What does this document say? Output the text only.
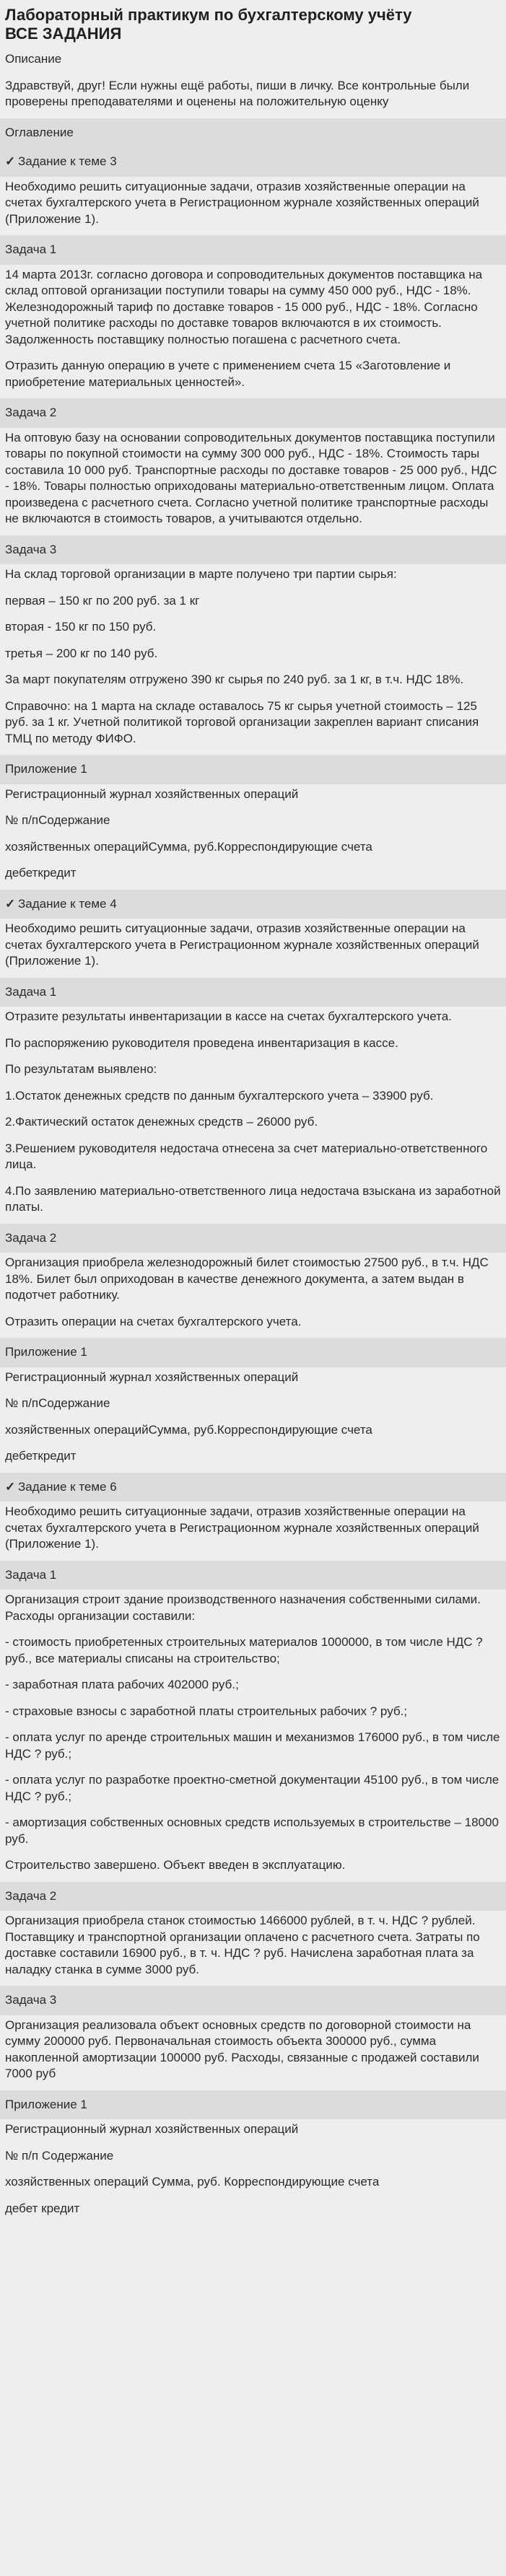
Лабораторный практикум по бухгалтерскому учёту
ВСЕ ЗАДАНИЯ
Описание
Здравствуй, друг! Если нужны ещё работы, пиши в личку. Все контрольные были проверены преподавателями и оценены на положительную оценку
Оглавление
✓ Задание к теме 3
Необходимо решить ситуационные задачи, отразив хозяйственные операции на счетах бухгалтерского учета в Регистрационном журнале хозяйственных операций (Приложение 1).
Задача 1
14 марта 2013г. согласно договора и сопроводительных документов поставщика на склад оптовой организации поступили товары на сумму 450 000 руб., НДС - 18%. Железнодорожный тариф по доставке товаров - 15 000 руб., НДС - 18%. Согласно учетной политике расходы по доставке товаров включаются в их стоимость. Задолженность поставщику полностью погашена с расчетного счета.
Отразить данную операцию в учете с применением счета 15 «Заготовление и приобретение материальных ценностей».
Задача 2
На оптовую базу на основании сопроводительных документов поставщика поступили товары по покупной стоимости на сумму 300 000 руб., НДС - 18%. Стоимость тары составила 10 000 руб. Транспортные расходы по доставке товаров - 25 000 руб., НДС - 18%. Товары полностью оприходованы материально-ответственным лицом. Оплата произведена с расчетного счета. Согласно учетной политике транспортные расходы не включаются в стоимость товаров, а учитываются отдельно.
Задача 3
На склад торговой организации в марте получено три партии сырья:
первая – 150 кг по 200 руб. за 1 кг
вторая - 150 кг по 150 руб.
третья – 200 кг по 140 руб.
За март покупателям отгружено 390 кг сырья по 240 руб. за 1 кг, в т.ч. НДС 18%.
Справочно: на 1 марта на складе оставалось 75 кг сырья учетной стоимость – 125 руб. за 1 кг. Учетной политикой торговой организации закреплен вариант списания ТМЦ по методу ФИФО.
Приложение 1
Регистрационный журнал хозяйственных операций
№ п/пСодержание
хозяйственных операцийСумма, руб.Корреспондирующие счета
дебеткредит
✓ Задание к теме 4
Необходимо решить ситуационные задачи, отразив хозяйственные операции на счетах бухгалтерского учета в Регистрационном журнале хозяйственных операций (Приложение 1).
Задача 1
Отразите результаты инвентаризации в кассе на счетах бухгалтерского учета.
По распоряжению руководителя проведена инвентаризация в кассе.
По результатам выявлено:
1.Остаток денежных средств по данным бухгалтерского учета – 33900 руб.
2.Фактический остаток денежных средств – 26000 руб.
3.Решением руководителя недостача отнесена за счет материально-ответственного лица.
4.По заявлению материально-ответственного лица недостача взыскана из заработной платы.
Задача 2
Организация приобрела железнодорожный билет стоимостью 27500 руб., в т.ч. НДС 18%. Билет был оприходован в качестве денежного документа, а затем выдан в подотчет работнику.
Отразить операции на счетах бухгалтерского учета.
Приложение 1
Регистрационный журнал хозяйственных операций
№ п/пСодержание
хозяйственных операцийСумма, руб.Корреспондирующие счета
дебеткредит
✓ Задание к теме 6
Необходимо решить ситуационные задачи, отразив хозяйственные операции на счетах бухгалтерского учета в Регистрационном журнале хозяйственных операций (Приложение 1).
Задача 1
Организация строит здание производственного назначения собственными силами. Расходы организации составили:
- стоимость приобретенных строительных материалов 1000000, в том числе НДС ? руб., все материалы списаны на строительство;
- заработная плата рабочих 402000 руб.;
- страховые взносы с заработной платы строительных рабочих ? руб.;
- оплата услуг по аренде строительных машин и механизмов 176000 руб., в том числе НДС ? руб.;
- оплата услуг по разработке проектно-сметной документации 45100 руб., в том числе НДС ? руб.;
- амортизация собственных основных средств используемых в строительстве – 18000 руб.
Строительство завершено. Объект введен в эксплуатацию.
Задача 2
Организация приобрела станок стоимостью 1466000 рублей, в т. ч. НДС ? рублей. Поставщику и транспортной организации оплачено с расчетного счета. Затраты по доставке составили 16900 руб., в т. ч. НДС ? руб. Начислена заработная плата за наладку станка в сумме 3000 руб.
Задача 3
Организация реализовала объект основных средств по договорной стоимости на сумму 200000 руб. Первоначальная стоимость объекта 300000 руб., сумма накопленной амортизации 100000 руб. Расходы, связанные с продажей составили 7000 руб
Приложение 1
Регистрационный журнал хозяйственных операций
№ п/п Содержание
хозяйственных операций Сумма, руб. Корреспондирующие счета
дебет кредит
